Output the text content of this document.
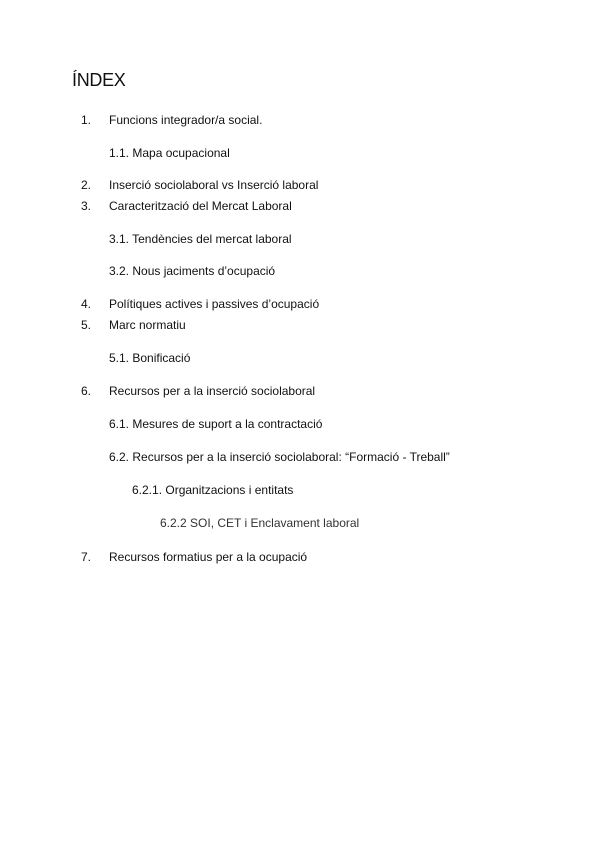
ÍNDEX
1. Funcions integrador/a social.
1.1. Mapa ocupacional
2. Inserció sociolaboral vs Inserció laboral
3. Caracterització del Mercat Laboral
3.1. Tendències del mercat laboral
3.2. Nous jaciments d’ocupació
4. Polítiques actives i passives d’ocupació
5. Marc normatiu
5.1. Bonificació
6. Recursos per a la inserció sociolaboral
6.1. Mesures de suport a la contractació
6.2. Recursos per a la inserció sociolaboral: “Formació - Treball”
6.2.1. Organitzacions i entitats
6.2.2 SOI, CET i Enclavament laboral
7. Recursos formatius per a la ocupació
